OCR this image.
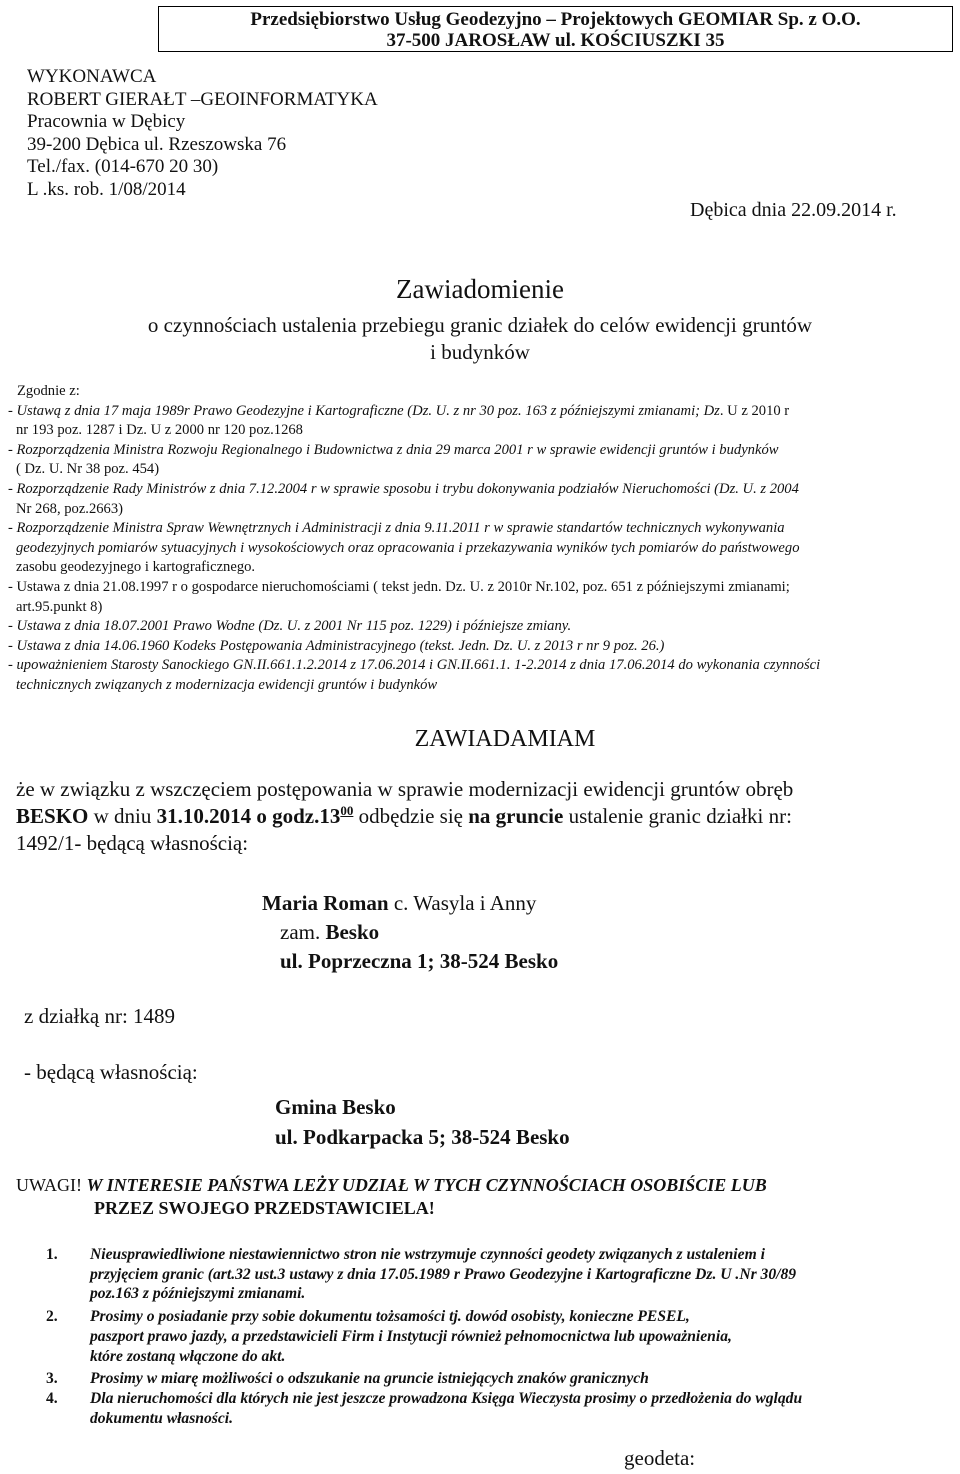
Przedsiębiorstwo Usług Geodezyjno – Projektowych GEOMIAR Sp. z O.O.
37-500 JAROSŁAW ul. KOŚCIUSZKI 35
WYKONAWCA
ROBERT GIERAŁT –GEOINFORMATYKA
Pracownia w Dębicy
39-200 Dębica ul. Rzeszowska 76
Tel./fax. (014-670 20 30)
L .ks. rob. 1/08/2014
Dębica dnia 22.09.2014 r.
Zawiadomienie
o czynnościach ustalenia przebiegu granic działek do celów ewidencji gruntów
i budynków
Zgodnie z:
- Ustawą z dnia 17 maja 1989r Prawo Geodezyjne i Kartograficzne (Dz. U. z nr 30 poz. 163 z późniejszymi zmianami; Dz. U z 2010 r
nr 193 poz. 1287 i Dz. U z 2000 nr 120 poz.1268
- Rozporządzenia Ministra Rozwoju Regionalnego i Budownictwa z dnia 29 marca 2001 r w sprawie ewidencji gruntów i budynków
( Dz. U. Nr 38 poz. 454)
- Rozporządzenie Rady Ministrów z dnia 7.12.2004 r w sprawie sposobu i trybu dokonywania podziałów Nieruchomości (Dz. U. z 2004
Nr 268, poz.2663)
- Rozporządzenie Ministra Spraw Wewnętrznych i Administracji z dnia 9.11.2011 r w sprawie standartów technicznych wykonywania
geodezyjnych pomiarów sytuacyjnych i wysokościowych oraz opracowania i przekazywania wyników tych pomiarów do państwowego
zasobu geodezyjnego i kartograficznego.
- Ustawa z dnia 21.08.1997 r o gospodarce nieruchomościami ( tekst jedn. Dz. U. z 2010r Nr.102, poz. 651 z późniejszymi zmianami;
art.95.punkt 8)
- Ustawa z dnia 18.07.2001 Prawo Wodne (Dz. U. z 2001 Nr 115 poz. 1229) i późniejsze zmiany.
- Ustawa z dnia 14.06.1960 Kodeks Postępowania Administracyjnego (tekst. Jedn. Dz. U. z 2013 r nr 9 poz. 26.)
- upoważnieniem Starosty Sanockiego GN.II.661.1.2.2014 z 17.06.2014 i GN.II.661.1. 1-2.2014 z dnia 17.06.2014 do wykonania czynności
technicznych związanych z modernizacja ewidencji gruntów i budynków
ZAWIADAMIAM
że w związku z wszczęciem postępowania w sprawie modernizacji ewidencji gruntów obręb
BESKO w dniu 31.10.2014 o $godz.13^{00}$ odbędzie się na gruncie ustalenie granic działki nr:
1492/1- będącą własnością:
Maria Roman c. Wasyla i Anny
zam. Besko
ul. Poprzeczna 1; 38-524 Besko
z działką nr: 1489
- będącą własnością:
Gmina Besko
ul. Podkarpacka 5; 38-524 Besko
UWAGI! W INTERESIE PAŃSTWA LEŻY UDZIAŁ W TYCH CZYNNOŚCIACH OSOBIŚCIE LUB
PRZEZ SWOJEGO PRZEDSTAWICIELA!
1.	Nieusprawiedliwione niestawiennictwo stron nie wstrzymuje czynności geodety związanych z ustaleniem i
przyjęciem granic (art.32 ust.3 ustawy z dnia 17.05.1989 r Prawo Geodezyjne i Kartograficzne Dz. U .Nr 30/89
poz.163 z późniejszymi zmianami.
2.	Prosimy o posiadanie przy sobie dokumentu tożsamości tj. dowód osobisty, konieczne PESEL,
paszport prawo jazdy, a przedstawicieli Firm i Instytucji również pełnomocnictwa lub upoważnienia,
które zostaną włączone do akt.
3.	Prosimy w miarę możliwości o odszukanie na gruncie istniejących znaków granicznych
4.	Dla nieruchomości dla których nie jest jeszcze prowadzona Księga Wieczysta prosimy o przedłożenia do wglądu
dokumentu własności.
geodeta:
